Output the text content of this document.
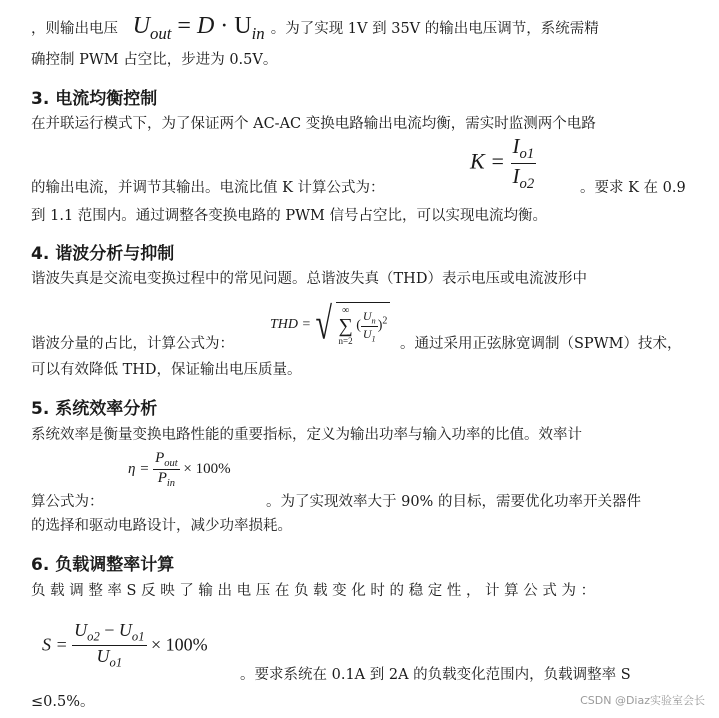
，则输出电压 $U_{out} = D \cdot U_{in}$ 。为了实现 1V 到 35V 的输出电压调节，系统需精
确控制 PWM 占空比，步进为 0.5V。
3. 电流均衡控制
在并联运行模式下，为了保证两个 AC-AC 变换电路输出电流均衡，需实时监测两个电路
的输出电流，并调节其输出。电流比值 K 计算公式为：
$K = \frac{I_{o1}}{I_{o2}}$	。要求 K 在 0.9
到 1.1 范围内。通过调整各变换电路的 PWM 信号占空比，可以实现电流均衡。
4. 谐波分析与抑制
谐波失真是交流电变换过程中的常见问题。总谐波失真（THD）表示电压或电流波形中
谐波分量的占比，计算公式为：
THD = √	∞
∑
n=2
( $\frac{U_n}{U_1} )^2$
。通过采用正弦脉宽调制（SPWM）技术，
可以有效降低 THD，保证输出电压质量。
5. 系统效率分析
系统效率是衡量变换电路性能的重要指标，定义为输出功率与输入功率的比值。效率计
$\eta = \frac{P_{out}}{P_{in}} \times 100\%$
算公式为：	。为了实现效率大于 90% 的目标，需要优化功率开关器件
的选择和驱动电路设计，减少功率损耗。
6. 负载调整率计算
负 载 调 整 率 S 反 映 了 输 出 电 压 在 负 载 变 化 时 的 稳 定 性 ， 计 算 公 式 为 ：
$S = \frac{U_{o2} - U_{o1}}{U_{o1}} \times 100\%$
。要求系统在 0.1A 到 2A 的负载变化范围内，负载调整率 S
≤0.5%。	CSDN @Diaz实验室会长
